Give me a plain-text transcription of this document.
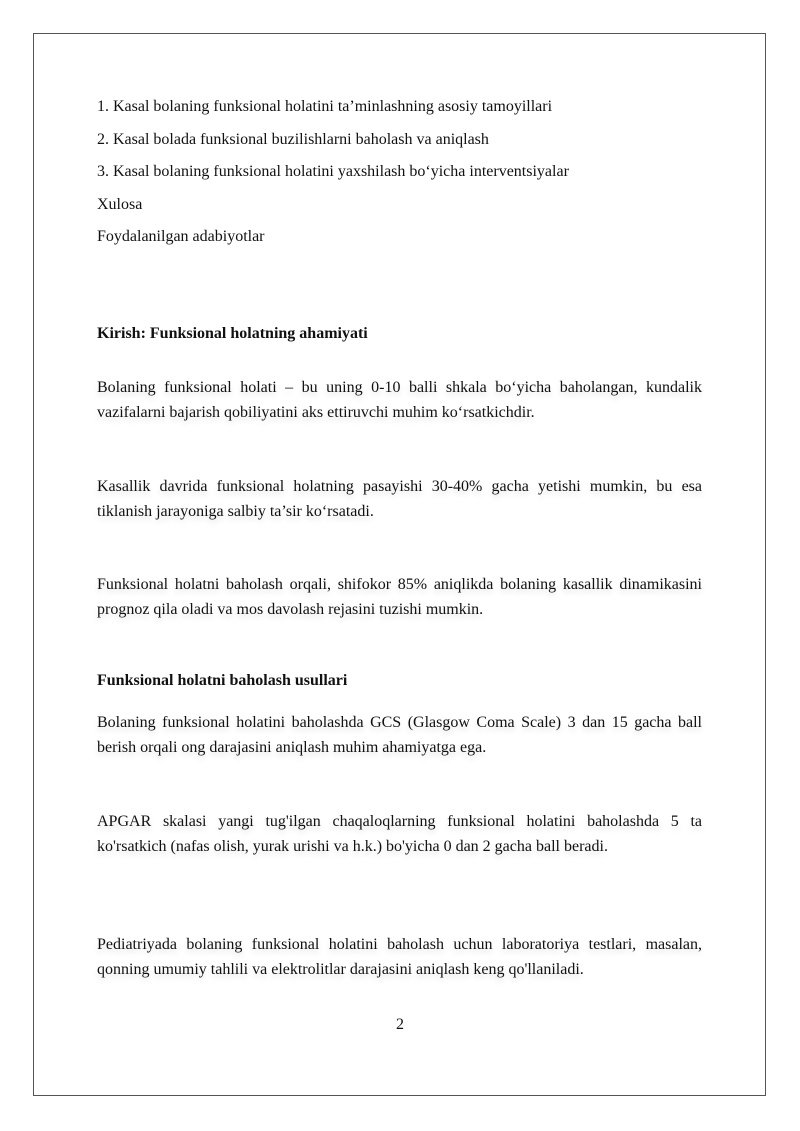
1. Kasal bolaning funksional holatini ta’minlashning asosiy tamoyillari
2. Kasal bolada funksional buzilishlarni baholash va aniqlash
3. Kasal bolaning funksional holatini yaxshilash bo‘yicha interventsiyalar
Xulosa
Foydalanilgan adabiyotlar
Kirish: Funksional holatning ahamiyati
Bolaning funksional holati – bu uning 0-10 balli shkala bo‘yicha baholangan, kundalik vazifalarni bajarish qobiliyatini aks ettiruvchi muhim ko‘rsatkichdir.
Kasallik davrida funksional holatning pasayishi 30-40% gacha yetishi mumkin, bu esa tiklanish jarayoniga salbiy ta’sir ko‘rsatadi.
Funksional holatni baholash orqali, shifokor 85% aniqlikda bolaning kasallik dinamikasini prognoz qila oladi va mos davolash rejasini tuzishi mumkin.
Funksional holatni baholash usullari
Bolaning funksional holatini baholashda GCS (Glasgow Coma Scale) 3 dan 15 gacha ball berish orqali ong darajasini aniqlash muhim ahamiyatga ega.
APGAR skalasi yangi tug'ilgan chaqaloqlarning funksional holatini baholashda 5 ta ko'rsatkich (nafas olish, yurak urishi va h.k.) bo'yicha 0 dan 2 gacha ball beradi.
Pediatriyada bolaning funksional holatini baholash uchun laboratoriya testlari, masalan, qonning umumiy tahlili va elektrolitlar darajasini aniqlash keng qo'llaniladi.
2
